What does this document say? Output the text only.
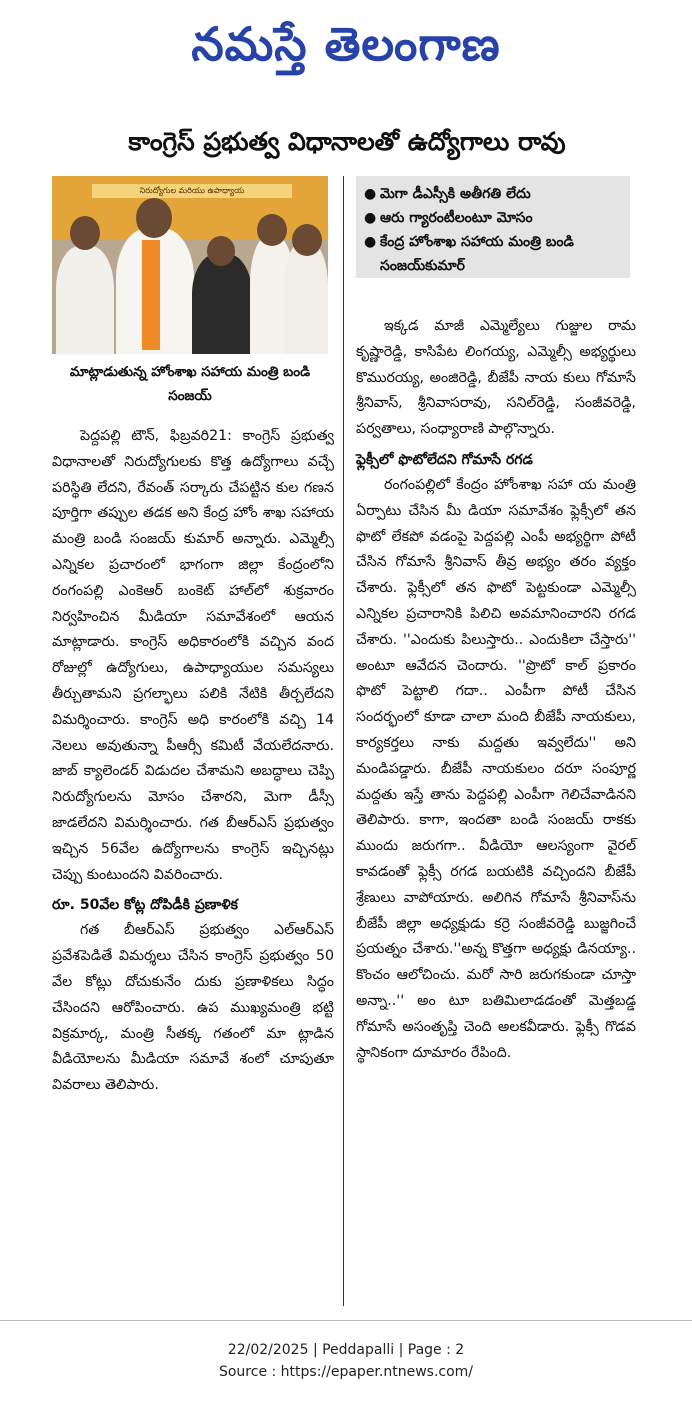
నమస్తే తెలంగాణ
కాంగ్రెస్ ప్రభుత్వ విధానాలతో ఉద్యోగాలు రావు
నిరుద్యోగుల మరియు ఉపాధ్యాయ
మాట్లాడుతున్న హోంశాఖ సహాయ మంత్రి బండి సంజయ్
● మెగా డీఎస్సీకి అతీగతి లేదు
● ఆరు గ్యారంటీలంటూ మోసం
● కేంద్ర హోంశాఖ సహాయ మంత్రి బండి సంజయ్‌కుమార్

పెద్దపల్లి టౌన్, ఫిబ్రవరి21: కాంగ్రెస్ ప్రభుత్వ విధానాలతో నిరుద్యోగులకు కొత్త ఉద్యోగాలు వచ్చే పరిస్థితి లేదని, రేవంత్ సర్కారు చేపట్టిన కుల గణన పూర్తిగా తప్పుల తడక అని కేంద్ర హోం శాఖ సహాయ మంత్రి బండి సంజయ్ కుమార్ అన్నారు. ఎమ్మెల్సీ ఎన్నికల ప్రచారంలో భాగంగా జిల్లా కేంద్రంలోని రంగంపల్లి ఎంకెఆర్ బంకెట్ హాల్‌లో శుక్రవారం నిర్వహించిన మీడియా సమావేశంలో ఆయన మాట్లాడారు. కాంగ్రెస్ అధికారంలోకి వచ్చిన వంద రోజుల్లో ఉద్యోగులు, ఉపాధ్యాయుల సమస్యలు తీర్చుతామని ప్రగల్భాలు పలికి నేటికి తీర్చలేదని విమర్శించారు. కాంగ్రెస్ అధి కారంలోకి వచ్చి 14 నెలలు అవుతున్నా పీఆర్సీ కమిటీ వేయలేదనారు. జాబ్ క్యాలెండర్ విడుదల చేశామని అబద్ధాలు చెప్పి నిరుద్యోగులను మోసం చేశారని, మెగా డీస్సీ జాడలేదని విమర్శించారు. గత బీఆర్ఎస్ ప్రభుత్వం ఇచ్చిన 56వేల ఉద్యోగాలను కాంగ్రెస్ ఇచ్చినట్లు చెప్పు కుంటుందని వివరించారు.

రూ. 50వేల కోట్ల దోపిడీకి ప్రణాళిక

గత బీఆర్ఎస్ ప్రభుత్వం ఎల్ఆర్ఎస్ ప్రవేశపెడితే విమర్శలు చేసిన కాంగ్రెస్ ప్రభుత్వం 50 వేల కోట్లు దోచుకునేం దుకు ప్రణాళికలు సిద్ధం చేసిందని ఆరోపించారు. ఉప ముఖ్యమంత్రి భట్టి విక్రమార్క, మంత్రి సీతక్క గతంలో మా ట్లాడిన వీడియోలను మీడియా సమావే శంలో చూపుతూ వివరాలు తెలిపారు.

ఇక్కడ మాజీ ఎమ్మెల్యేలు గుజ్జుల రామ కృష్ణారెడ్డి, కాసిపేట లింగయ్య, ఎమ్మెల్సీ అభ్యర్థులు కొమురయ్య, అంజిరెడ్డి, బీజేపీ నాయ కులు గోమాసే శ్రీనివాస్, శ్రీనివాసరావు, సనిల్‌రెడ్డి, సంజీవరెడ్డి, పర్వతాలు, సంధ్యారాణి పాల్గొన్నారు.

ఫ్లెక్సీలో ఫొటోలేదని గోమాసే రగడ

రంగంపల్లిలో కేంద్రం హోంశాఖ సహా య మంత్రి ఏర్పాటు చేసిన మీ డియా సమావేశం ఫ్లెక్సీలో తన ఫొటో లేకపో వడంపై పెద్దపల్లి ఎంపీ అభ్యర్థిగా పోటీ చేసిన గోమాసే శ్రీనివాస్ తీవ్ర అభ్యం తరం వ్యక్తం చేశారు. ఫ్లెక్సీలో తన ఫొటో పెట్టకుండా ఎమ్మెల్సీ ఎన్నికల ప్రచారానికి పిలిచి అవమానించారని రగడ చేశారు. ''ఎందుకు పిలుస్తారు.. ఎందుకిలా చేస్తారు'' అంటూ ఆవేదన చెందారు. ''ప్రొటో కాల్ ప్రకారం ఫొటో పెట్టాలి గదా.. ఎంపీగా పోటీ చేసిన సందర్భంలో కూడా చాలా మంది బీజేపీ నాయకులు, కార్యకర్తలు నాకు మద్దతు ఇవ్వలేదు'' అని మండిపడ్డారు. బీజేపీ నాయకులం దరూ సంపూర్ణ మద్దతు ఇస్తే తాను పెద్దపల్లి ఎంపీగా గెలిచేవాడినని తెలిపారు. కాగా, ఇందతా బండి సంజయ్ రాకకు ముందు జరుగగా.. వీడియో ఆలస్యంగా వైరల్ కావడంతో ఫ్లెక్సీ రగడ బయటికి వచ్చిందని బీజేపీ శ్రేణులు వాపోయారు. అలిగిన గోమాసే శ్రీనివాస్‌ను బీజేపీ జిల్లా అధ్యక్షుడు కర్రె సంజీవరెడ్డి బుజ్జగించే ప్రయత్నం చేశారు.''అన్న కొత్తగా అధ్యక్షు డినయ్యా.. కొంచం ఆలోచించు. మరో సారి జరుగకుండా చూస్తా అన్నా..'' అం టూ బతిమిలాడడంతో మెత్తబడ్డ గోమాసే అసంతృప్తి చెంది అలకవీడారు. ఫ్లెక్సీ గొడవ స్థానికంగా దూమారం రేపింది.

22/02/2025 | Peddapalli | Page : 2
Source : https://epaper.ntnews.com/
